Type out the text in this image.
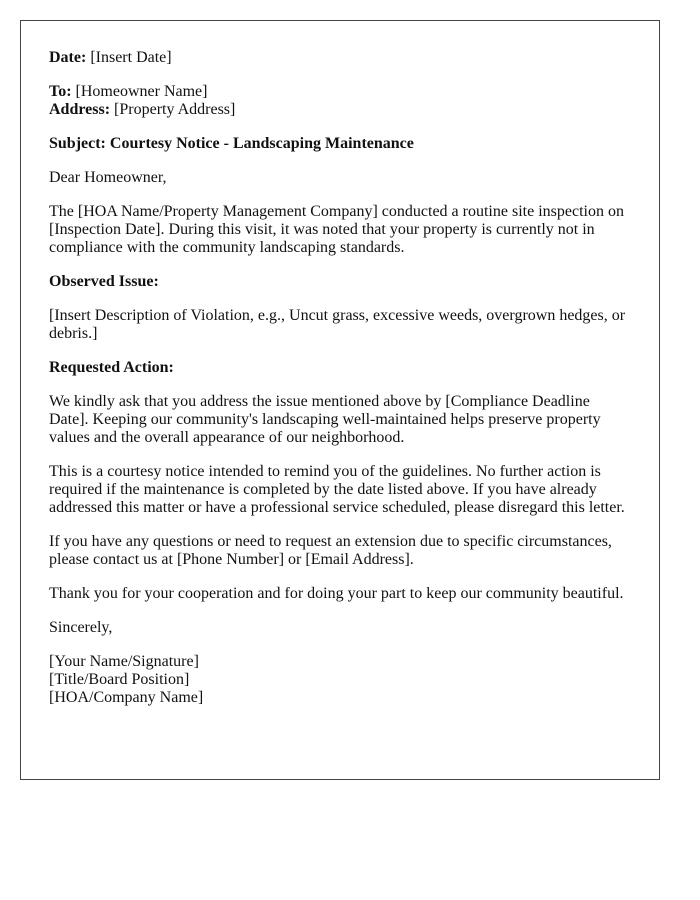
Date: [Insert Date]

To: [Homeowner Name]
Address: [Property Address]

Subject: Courtesy Notice - Landscaping Maintenance

Dear Homeowner,

The [HOA Name/Property Management Company] conducted a routine site inspection on [Inspection Date]. During this visit, it was noted that your property is currently not in compliance with the community landscaping standards.

Observed Issue:

[Insert Description of Violation, e.g., Uncut grass, excessive weeds, overgrown hedges, or debris.]

Requested Action:

We kindly ask that you address the issue mentioned above by [Compliance Deadline Date]. Keeping our community's landscaping well-maintained helps preserve property values and the overall appearance of our neighborhood.

This is a courtesy notice intended to remind you of the guidelines. No further action is required if the maintenance is completed by the date listed above. If you have already addressed this matter or have a professional service scheduled, please disregard this letter.

If you have any questions or need to request an extension due to specific circumstances, please contact us at [Phone Number] or [Email Address].

Thank you for your cooperation and for doing your part to keep our community beautiful.

Sincerely,

[Your Name/Signature]
[Title/Board Position]
[HOA/Company Name]
